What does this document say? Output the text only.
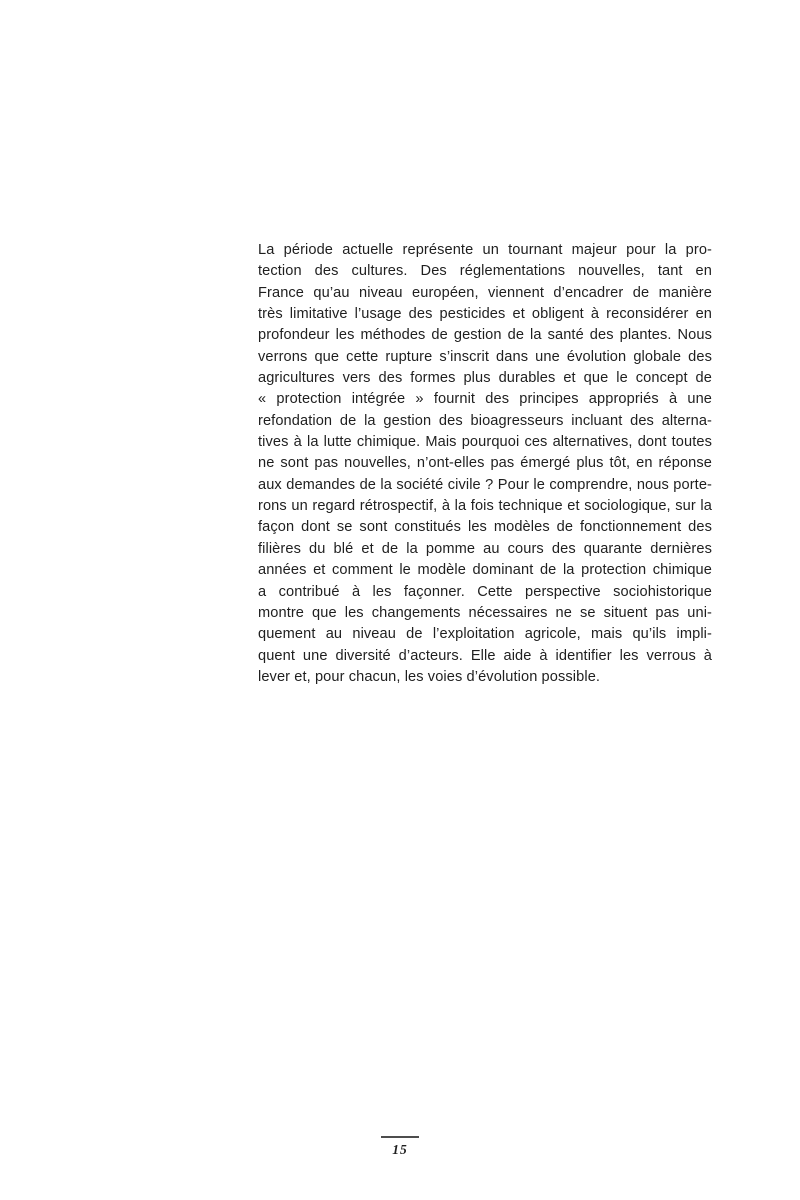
La période actuelle représente un tournant majeur pour la pro-
tection des cultures. Des réglementations nouvelles, tant en
France qu’au niveau européen, viennent d’encadrer de manière
très limitative l’usage des pesticides et obligent à reconsidérer en
profondeur les méthodes de gestion de la santé des plantes. Nous
verrons que cette rupture s’inscrit dans une évolution globale des
agricultures vers des formes plus durables et que le concept de
« protection intégrée » fournit des principes appropriés à une
refondation de la gestion des bioagresseurs incluant des alterna-
tives à la lutte chimique. Mais pourquoi ces alternatives, dont toutes
ne sont pas nouvelles, n’ont-elles pas émergé plus tôt, en réponse
aux demandes de la société civile ? Pour le comprendre, nous porte-
rons un regard rétrospectif, à la fois technique et sociologique, sur la
façon dont se sont constitués les modèles de fonctionnement des
filières du blé et de la pomme au cours des quarante dernières
années et comment le modèle dominant de la protection chimique
a contribué à les façonner. Cette perspective sociohistorique
montre que les changements nécessaires ne se situent pas uni-
quement au niveau de l’exploitation agricole, mais qu’ils impli-
quent une diversité d’acteurs. Elle aide à identifier les verrous à
lever et, pour chacun, les voies d’évolution possible.
15
